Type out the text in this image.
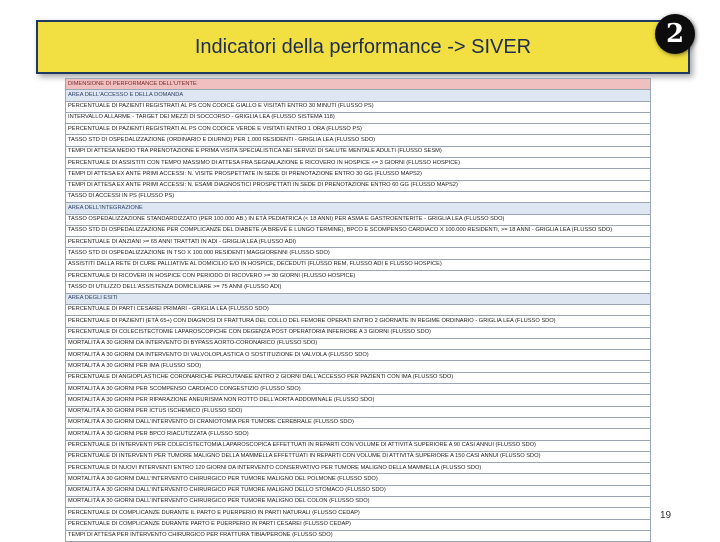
Indicatori della performance -> SIVER	2
DIMENSIONE DI PERFORMANCE DELL'UTENTE
AREA DELL'ACCESSO E DELLA DOMANDA
PERCENTUALE DI PAZIENTI REGISTRATI AL PS CON CODICE GIALLO E VISITATI ENTRO 30 MINUTI (FLUSSO PS)
INTERVALLO ALLARME - TARGET DEI MEZZI DI SOCCORSO - GRIGLIA LEA (FLUSSO SISTEMA 118)
PERCENTUALE DI PAZIENTI REGISTRATI AL PS CON CODICE VERDE E VISITATI ENTRO 1 ORA (FLUSSO PS)
TASSO STD DI OSPEDALIZZAZIONE (ORDINARIO E DIURNO) PER 1.000 RESIDENTI - GRIGLIA LEA (FLUSSO SDO)
TEMPI DI ATTESA MEDIO TRA PRENOTAZIONE E PRIMA VISITA SPECIALISTICA NEI SERVIZI DI SALUTE MENTALE ADULTI (FLUSSO SESM)
PERCENTUALE DI ASSISTITI CON TEMPO MASSIMO DI ATTESA FRA SEGNALAZIONE E RICOVERO IN HOSPICE <= 3 GIORNI (FLUSSO HOSPICE)
TEMPI DI ATTESA EX ANTE PRIMI ACCESSI: N. VISITE PROSPETTATE IN SEDE DI PRENOTAZIONE ENTRO 30 GG (FLUSSO MAPS2)
TEMPI DI ATTESA EX ANTE PRIMI ACCESSI: N. ESAMI DIAGNOSTICI PROSPETTATI IN SEDE DI PRENOTAZIONE ENTRO 60 GG (FLUSSO MAPS2)
TASSO DI ACCESSI IN PS (FLUSSO PS)
AREA DELL'INTEGRAZIONE
TASSO OSPEDALIZZAZIONE STANDARDIZZATO (PER 100.000 AB.) IN ETÀ PEDIATRICA (< 18 ANNI) PER ASMA E GASTROENTERITE - GRIGLIA LEA (FLUSSO SDO)
TASSO STD DI OSPEDALIZZAZIONE PER COMPLICANZE DEL DIABETE (A BREVE E LUNGO TERMINE), BPCO E SCOMPENSO CARDIACO X 100.000 RESIDENTI, >= 18 ANNI - GRIGLIA LEA (FLUSSO SDO)
PERCENTUALE DI ANZIANI >= 65 ANNI TRATTATI IN ADI - GRIGLIA LEA (FLUSSO ADI)
TASSO STD DI OSPEDALIZZAZIONE IN TSO X 100.000 RESIDENTI MAGGIORENNI (FLUSSO SDO)
ASSISTITI DALLA RETE DI CURE PALLIATIVE AL DOMICILIO E/O IN HOSPICE, DECEDUTI (FLUSSO REM, FLUSSO ADI E FLUSSO HOSPICE)
PERCENTUALE DI RICOVERI IN HOSPICE CON PERIODO DI RICOVERO >= 30 GIORNI (FLUSSO HOSPICE)
TASSO DI UTILIZZO DELL'ASSISTENZA DOMICILIARE >= 75 ANNI (FLUSSO ADI)
AREA DEGLI ESITI
PERCENTUALE DI PARTI CESAREI PRIMARI - GRIGLIA LEA (FLUSSO SDO)
PERCENTUALE DI PAZIENTI (ETÀ 65+) CON DIAGNOSI DI FRATTURA DEL COLLO DEL FEMORE OPERATI ENTRO 2 GIORNATE IN REGIME ORDINARIO - GRIGLIA LEA (FLUSSO SDO)
PERCENTUALE DI COLECISTECTOMIE LAPAROSCOPICHE CON DEGENZA POST OPERATORIA INFERIORE A 3 GIORNI (FLUSSO SDO)
MORTALITÀ A 30 GIORNI DA INTERVENTO DI BYPASS AORTO-CORONARICO (FLUSSO SDO)
MORTALITÀ A 30 GIORNI DA INTERVENTO DI VALVOLOPLASTICA O SOSTITUZIONE DI VALVOLA (FLUSSO SDO)
MORTALITÀ A 30 GIORNI PER IMA (FLUSSO SDO)
PERCENTUALE DI ANGIOPLASTICHE CORONARICHE PERCUTANEE ENTRO 2 GIORNI DALL'ACCESSO PER PAZIENTI CON IMA (FLUSSO SDO)
MORTALITÀ A 30 GIORNI PER SCOMPENSO CARDIACO CONGESTIZIO (FLUSSO SDO)
MORTALITÀ A 30 GIORNI PER RIPARAZIONE ANEURISMA NON ROTTO DELL'AORTA ADDOMINALE (FLUSSO SDO)
MORTALITÀ A 30 GIORNI PER ICTUS ISCHEMICO (FLUSSO SDO)
MORTALITÀ A 30 GIORNI DALL'INTERVENTO DI CRANIOTOMIA PER TUMORE CEREBRALE (FLUSSO SDO)
MORTALITÀ A 30 GIORNI PER BPCO RIACUTIZZATA (FLUSSO SDO)
PERCENTUALE DI INTERVENTI PER COLECISTECTOMIA LAPAROSCOPICA EFFETTUATI IN REPARTI CON VOLUME DI ATTIVITÀ SUPERIORE A 90 CASI ANNUI (FLUSSO SDO)
PERCENTUALE DI INTERVENTI PER TUMORE MALIGNO DELLA MAMMELLA EFFETTUATI IN REPARTI CON VOLUME DI ATTIVITÀ SUPERIORE A 150 CASI ANNUI (FLUSSO SDO)
PERCENTUALE DI NUOVI INTERVENTI ENTRO 120 GIORNI DA INTERVENTO CONSERVATIVO PER TUMORE MALIGNO DELLA MAMMELLA (FLUSSO SDO)
MORTALITÀ A 30 GIORNI DALL'INTERVENTO CHIRURGICO PER TUMORE MALIGNO DEL POLMONE (FLUSSO SDO)
MORTALITÀ A 30 GIORNI DALL'INTERVENTO CHIRURGICO PER TUMORE MALIGNO DELLO STOMACO (FLUSSO SDO)
MORTALITÀ A 30 GIORNI DALL'INTERVENTO CHIRURGICO PER TUMORE MALIGNO DEL COLON (FLUSSO SDO)
PERCENTUALE DI COMPLICANZE DURANTE IL PARTO E PUERPERIO IN PARTI NATURALI (FLUSSO CEDAP)
PERCENTUALE DI COMPLICANZE DURANTE PARTO E PUERPERIO IN PARTI CESAREI (FLUSSO CEDAP)
TEMPI DI ATTESA PER INTERVENTO CHIRURGICO PER FRATTURA TIBIA/PERONE (FLUSSO SDO)
19
